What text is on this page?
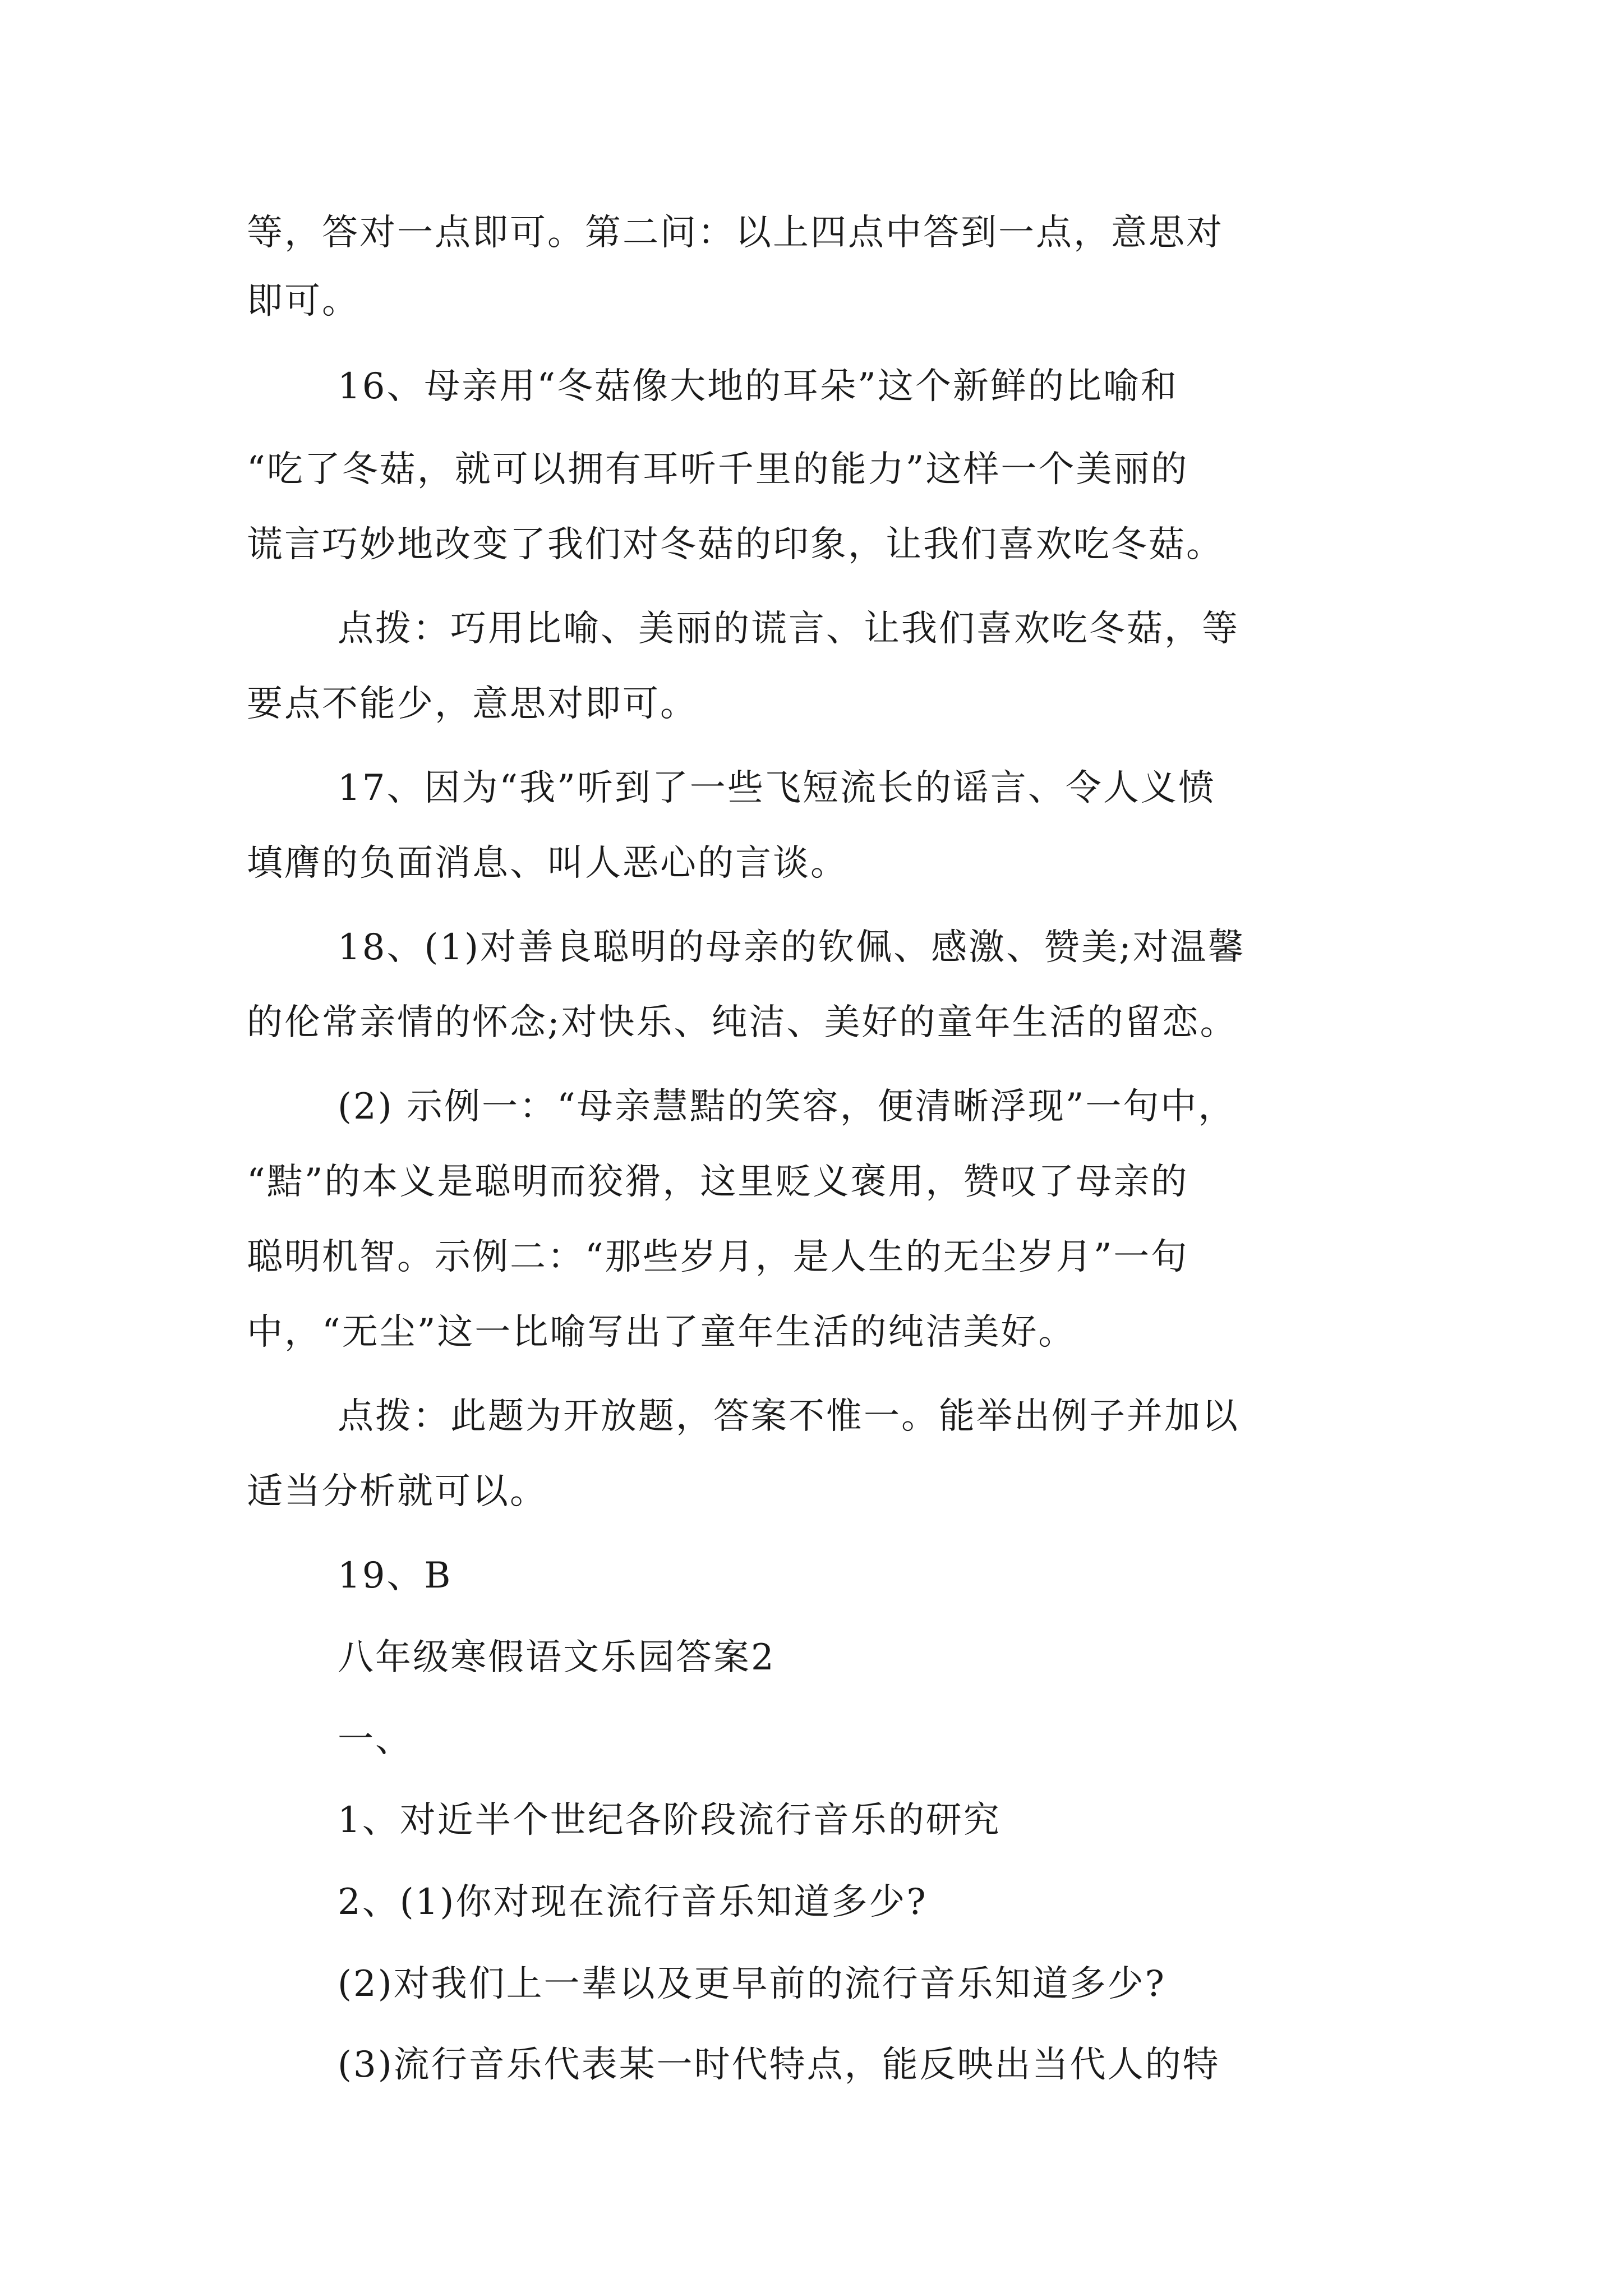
等，答对一点即可。第二问：以上四点中答到一点，意思对
即可。
16、母亲用“冬菇像大地的耳朵”这个新鲜的比喻和
“吃了冬菇，就可以拥有耳听千里的能力”这样一个美丽的
谎言巧妙地改变了我们对冬菇的印象，让我们喜欢吃冬菇。
点拨：巧用比喻、美丽的谎言、让我们喜欢吃冬菇，等
要点不能少，意思对即可。
17、因为“我”听到了一些飞短流长的谣言、令人义愤
填膺的负面消息、叫人恶心的言谈。
18、(1)对善良聪明的母亲的钦佩、感激、赞美;对温馨
的伦常亲情的怀念;对快乐、纯洁、美好的童年生活的留恋。
(2) 示例一：“母亲慧黠的笑容，便清晰浮现”一句中，
“黠”的本义是聪明而狡猾，这里贬义褒用，赞叹了母亲的
聪明机智。示例二：“那些岁月，是人生的无尘岁月”一句
中，“无尘”这一比喻写出了童年生活的纯洁美好。
点拨：此题为开放题，答案不惟一。能举出例子并加以
适当分析就可以。
19、B
八年级寒假语文乐园答案2
一、
1、对近半个世纪各阶段流行音乐的研究
2、(1)你对现在流行音乐知道多少?
(2)对我们上一辈以及更早前的流行音乐知道多少?
(3)流行音乐代表某一时代特点，能反映出当代人的特
